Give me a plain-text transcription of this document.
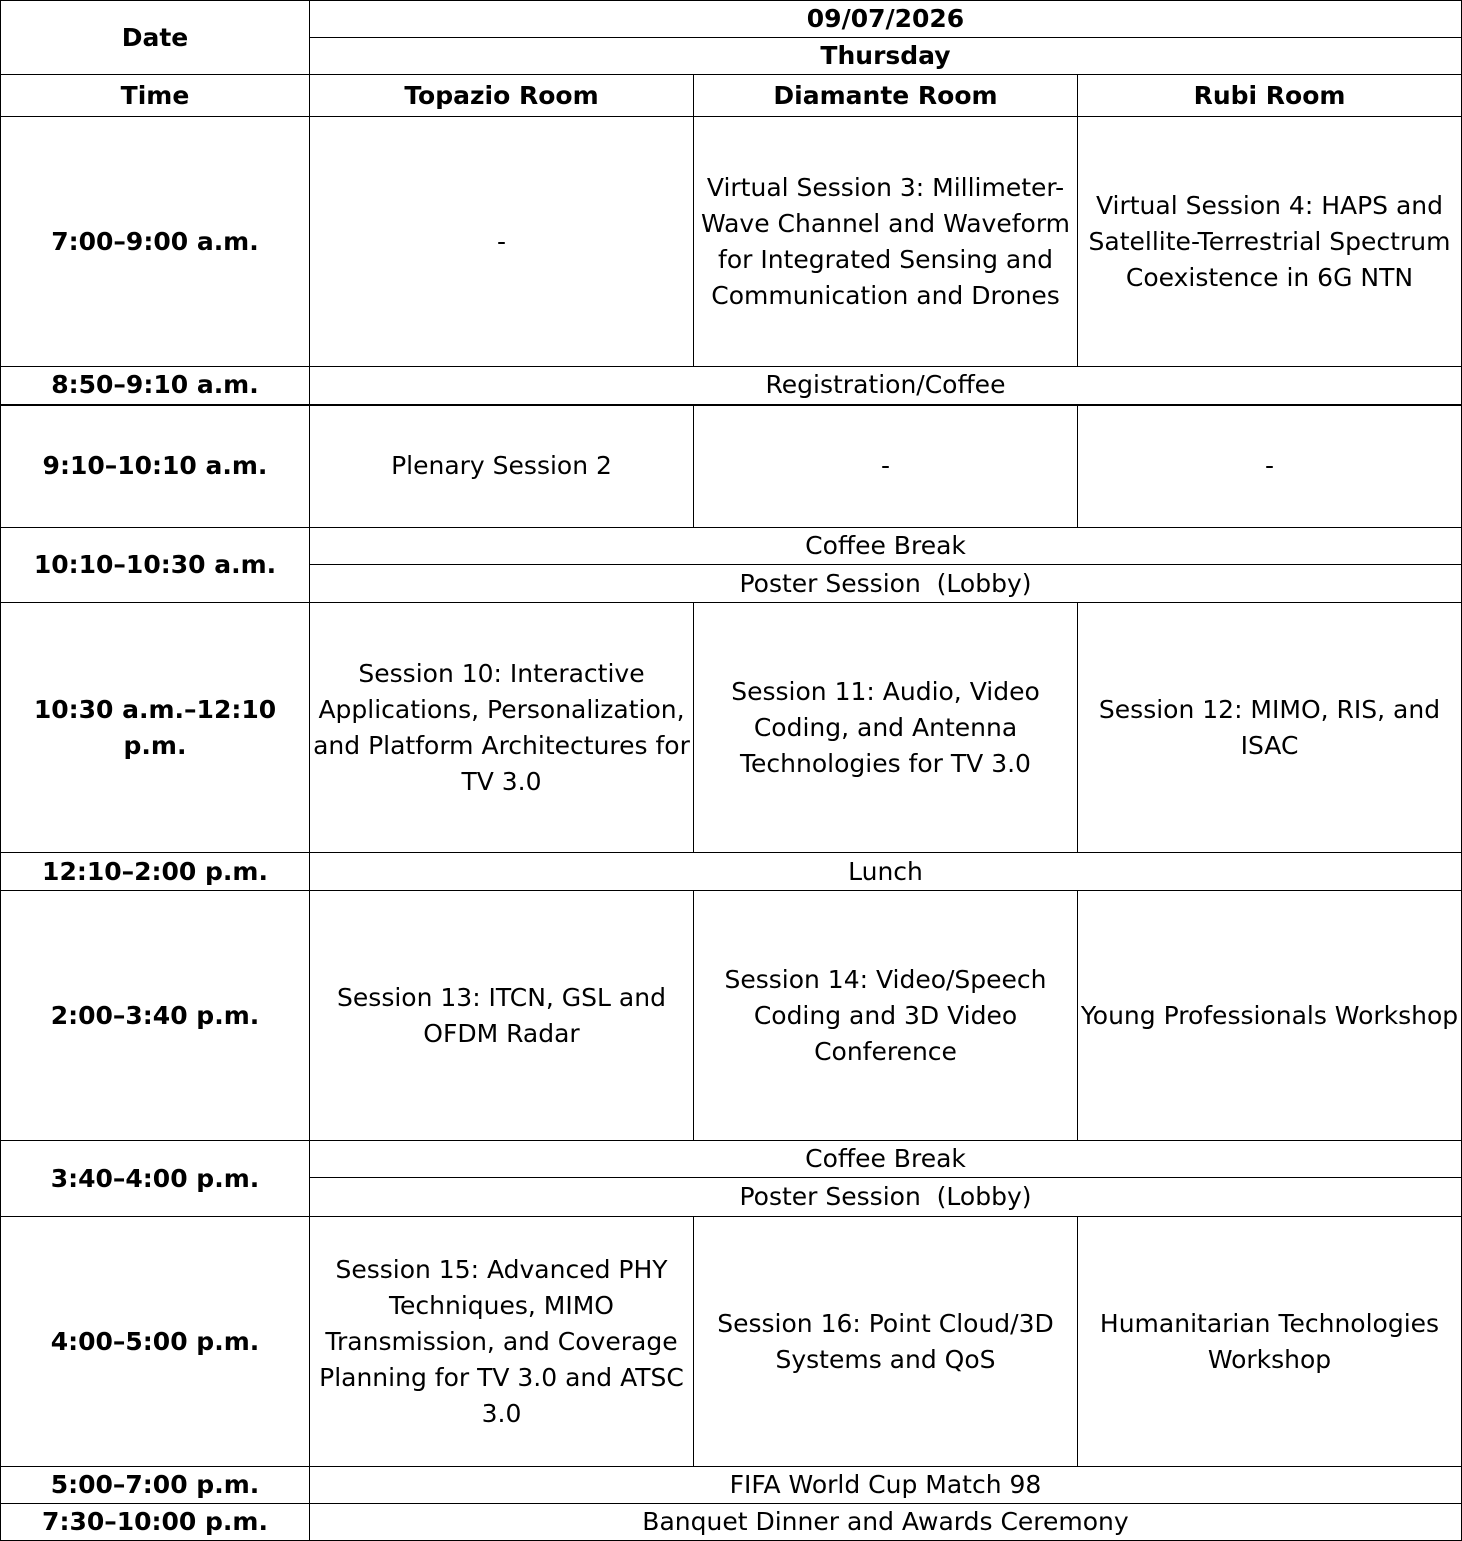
Date	09/07/2026		
	Thursday		
Time	Topazio Room	Diamante Room	Rubi Room
7:00–9:00 a.m.	-	Virtual Session 3: Millimeter-Wave Channel and Waveform for Integrated Sensing and Communication and Drones	Virtual Session 4: HAPS and Satellite-Terrestrial Spectrum Coexistence in 6G NTN
8:50–9:10 a.m.	Registration/Coffee		
9:10–10:10 a.m.	Plenary Session 2	-	-
10:10–10:30 a.m.	Coffee Break		
	Poster Session  (Lobby)		
10:30 a.m.–12:10 p.m.	Session 10: Interactive Applications, Personalization, and Platform Architectures for TV 3.0	Session 11: Audio, Video Coding, and Antenna Technologies for TV 3.0	Session 12: MIMO, RIS, and ISAC
12:10–2:00 p.m.	Lunch		
2:00–3:40 p.m.	Session 13: ITCN, GSL and OFDM Radar	Session 14: Video/Speech Coding and 3D Video Conference	Young Professionals Workshop
3:40–4:00 p.m.	Coffee Break		
	Poster Session  (Lobby)		
4:00–5:00 p.m.	Session 15: Advanced PHY Techniques, MIMO Transmission, and Coverage Planning for TV 3.0 and ATSC 3.0	Session 16: Point Cloud/3D Systems and QoS	Humanitarian Technologies Workshop
5:00–7:00 p.m.	FIFA World Cup Match 98		
7:30–10:00 p.m.	Banquet Dinner and Awards Ceremony		
